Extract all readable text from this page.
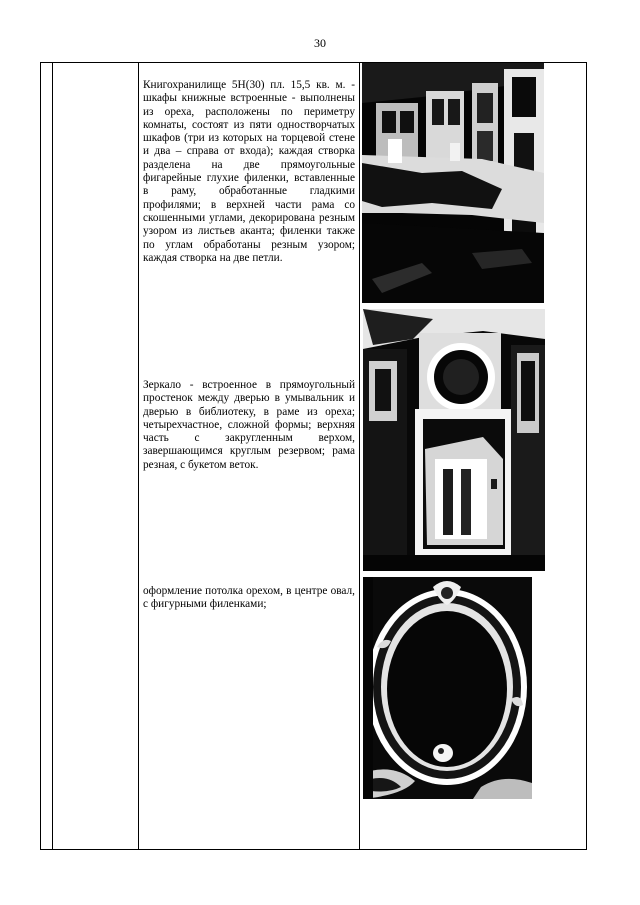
30
Книгохранилище 5Н(30) пл. 15,5 кв. м. - шкафы книжные встроенные - выполнены из ореха, расположены по периметру комнаты, состоят из пяти одностворчатых шкафов (три из которых на торцевой стене и два – справа от входа); каждая створка разделена на две прямоугольные фигарейные глухие филенки, вставленные в раму, обработанные гладкими профилями; в верхней части рама со скошенными углами, декорирована резным узором из листьев аканта; филенки также по углам обработаны резным узором; каждая створка на две петли.
Зеркало - встроенное в прямоугольный простенок между дверью в умывальник и дверью в библиотеку, в раме из ореха; четырехчастное, сложной формы; верхняя часть с закругленным верхом, завершающимся круглым резервом; рама резная, с букетом веток.
оформление потолка орехом, в центре овал, с фигурными филенками;
